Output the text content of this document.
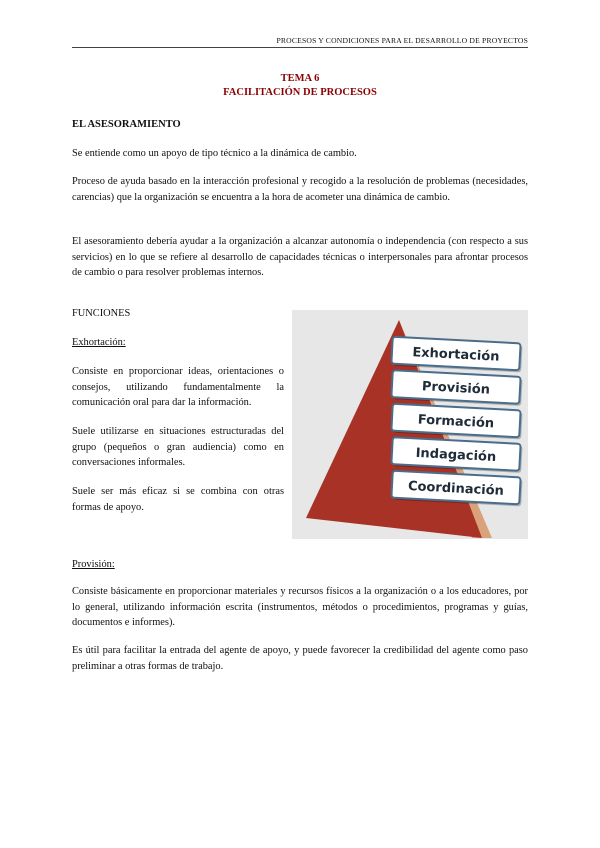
PROCESOS Y CONDICIONES PARA EL DESARROLLO DE PROYECTOS
TEMA 6
FACILITACIÓN DE PROCESOS

EL ASESORAMIENTO

Se entiende como un apoyo de tipo técnico a la dinámica de cambio.

Proceso de ayuda basado en la interacción profesional y recogido a la resolución de problemas (necesidades, carencias) que la organización se encuentra a la hora de acometer una dinámica de cambio.

El asesoramiento debería ayudar a la organización a alcanzar autonomía o independencia (con respecto a sus servicios) en lo que se refiere al desarrollo de capacidades técnicas o interpersonales para afrontar procesos de cambio o para resolver problemas internos.

FUNCIONES

Exhortación:

Consiste en proporcionar ideas, orientaciones o consejos, utilizando fundamentalmente la comunicación oral para dar la información.

Suele utilizarse en situaciones estructuradas del grupo (pequeños o gran audiencia) como en conversaciones informales.

Suele ser más eficaz si se combina con otras formas de apoyo.

Exhortación
Provisión
Formación
Indagación
Coordinación

Provisión:

Consiste básicamente en proporcionar materiales y recursos físicos a la organización o a los educadores, por lo general, utilizando información escrita (instrumentos, métodos o procedimientos, programas y guías, documentos e informes).

Es útil para facilitar la entrada del agente de apoyo, y puede favorecer la credibilidad del agente como paso preliminar a otras formas de trabajo.
